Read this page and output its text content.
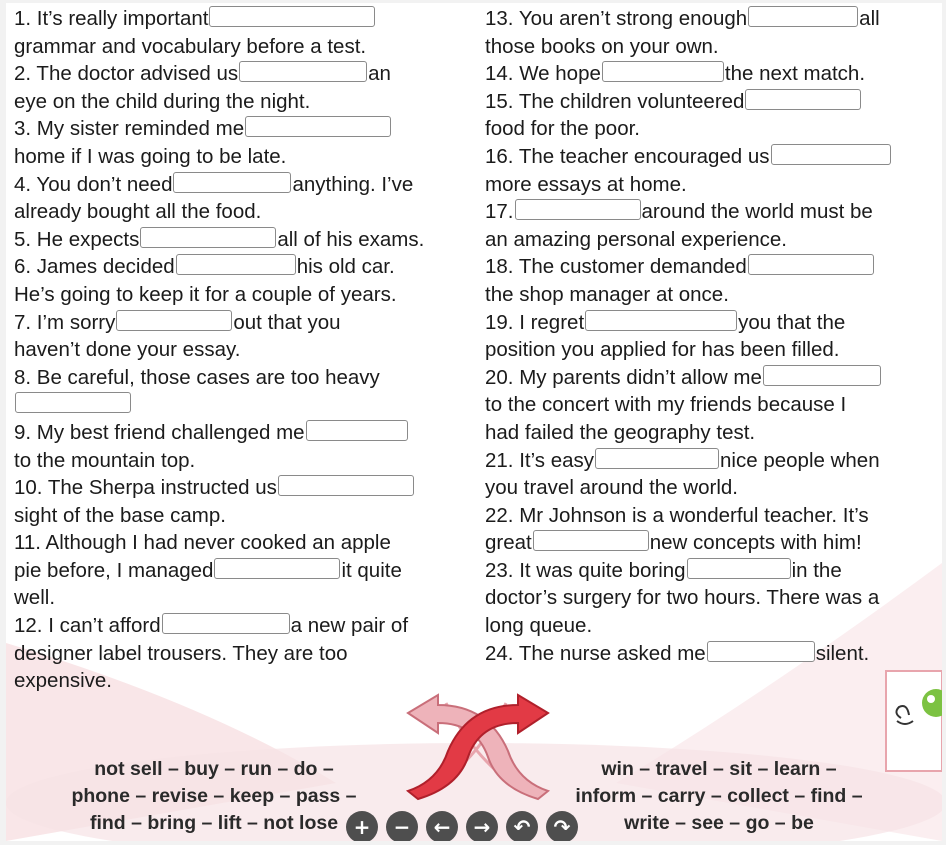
1. It’s really important
grammar and vocabulary before a test.
2. The doctor advised us	an
eye on the child during the night.
3. My sister reminded me
home if I was going to be late.
4. You don’t need	anything. I’ve
already bought all the food.
5. He expects	all of his exams.
6. James decided	his old car.
He’s going to keep it for a couple of years.
7. I’m sorry	out that you
haven’t done your essay.
8. Be careful, those cases are too heavy
9. My best friend challenged me
to the mountain top.
10. The Sherpa instructed us
sight of the base camp.
11. Although I had never cooked an apple
pie before, I managed	it quite
well.
12. I can’t afford	a new pair of
designer label trousers. They are too
expensive.
13. You aren’t strong enough	all
those books on your own.
14. We hope	the next match.
15. The children volunteered
food for the poor.
16. The teacher encouraged us
more essays at home.
17.	around the world must be
an amazing personal experience.
18. The customer demanded
the shop manager at once.
19. I regret	you that the
position you applied for has been filled.
20. My parents didn’t allow me
to the concert with my friends because I
had failed the geography test.
21. It’s easy	nice people when
you travel around the world.
22. Mr Johnson is a wonderful teacher. It’s
great	new concepts with him!
23. It was quite boring	in the
doctor’s surgery for two hours. There was a
long queue.
24. The nurse asked me	silent.
not sell – buy – run – do –
phone – revise – keep – pass –
find – bring – lift – not lose
win – travel – sit – learn –
inform – carry – collect – find –
write – see – go – be
+	−	←	→	↶	↷
